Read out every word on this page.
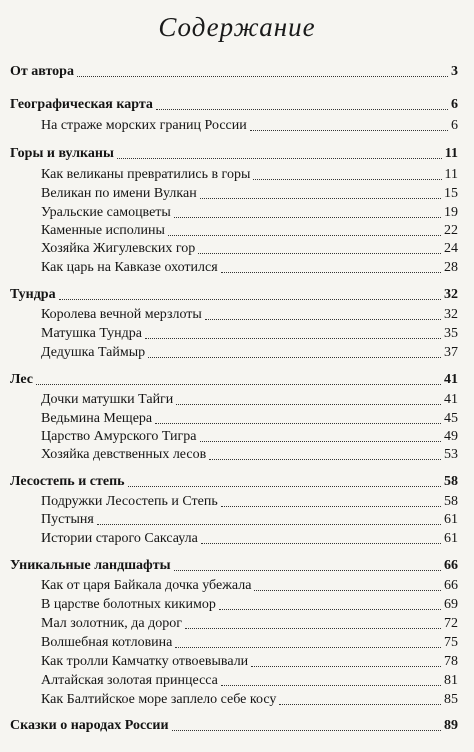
Содержание
От автора	3
Географическая карта	6
На страже морских границ России	6
Горы и вулканы	11
Как великаны превратились в горы	11
Великан по имени Вулкан	15
Уральские самоцветы	19
Каменные исполины	22
Хозяйка Жигулевских гор	24
Как царь на Кавказе охотился	28
Тундра	32
Королева вечной мерзлоты	32
Матушка Тундра	35
Дедушка Таймыр	37
Лес	41
Дочки матушки Тайги	41
Ведьмина Мещера	45
Царство Амурского Тигра	49
Хозяйка девственных лесов	53
Лесостепь и степь	58
Подружки Лесостепь и Степь	58
Пустыня	61
Истории старого Саксаула	61
Уникальные ландшафты	66
Как от царя Байкала дочка убежала	66
В царстве болотных кикимор	69
Мал золотник, да дорог	72
Волшебная котловина	75
Как тролли Камчатку отвоевывали	78
Алтайская золотая принцесса	81
Как Балтийское море заплело себе косу	85
Сказки о народах России	89
